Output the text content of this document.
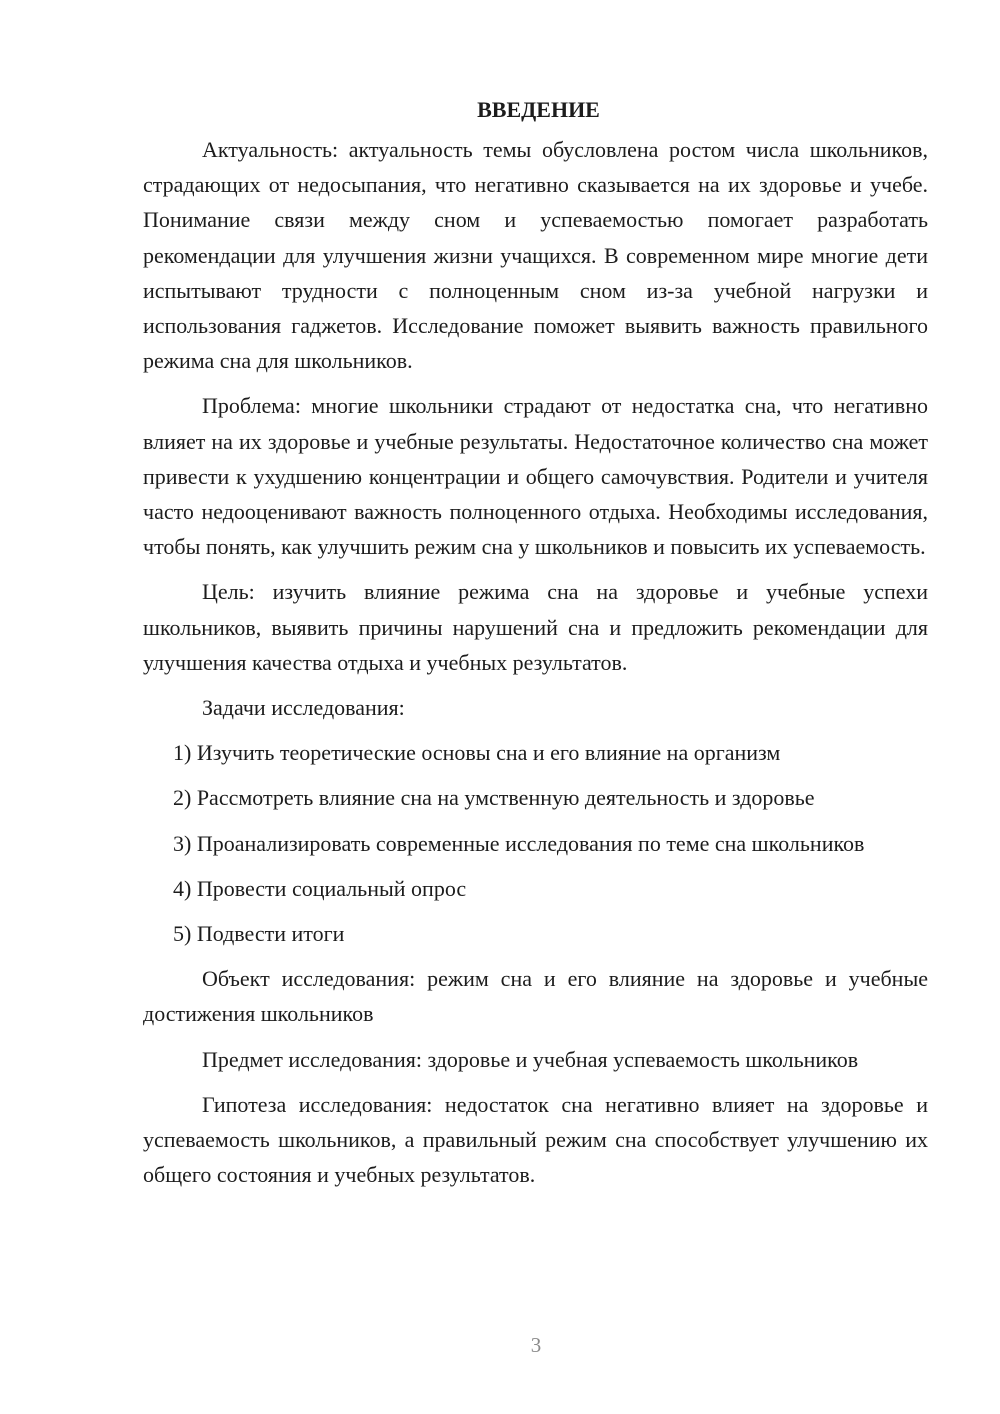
ВВЕДЕНИЕ

Актуальность: актуальность темы обусловлена ростом числа школьников, страдающих от недосыпания, что негативно сказывается на их здоровье и учебе. Понимание связи между сном и успеваемостью помогает разработать рекомендации для улучшения жизни учащихся. В современном мире многие дети испытывают трудности с полноценным сном из-за учебной нагрузки и использования гаджетов. Исследование поможет выявить важность правильного режима сна для школьников.

Проблема: многие школьники страдают от недостатка сна, что негативно влияет на их здоровье и учебные результаты. Недостаточное количество сна может привести к ухудшению концентрации и общего самочувствия. Родители и учителя часто недооценивают важность полноценного отдыха. Необходимы исследования, чтобы понять, как улучшить режим сна у школьников и повысить их успеваемость.

Цель: изучить влияние режима сна на здоровье и учебные успехи школьников, выявить причины нарушений сна и предложить рекомендации для улучшения качества отдыха и учебных результатов.

Задачи исследования:

1) Изучить теоретические основы сна и его влияние на организм

2) Рассмотреть влияние сна на умственную деятельность и здоровье

3) Проанализировать современные исследования по теме сна школьников

4) Провести социальный опрос

5) Подвести итоги

Объект исследования: режим сна и его влияние на здоровье и учебные достижения школьников

Предмет исследования: здоровье и учебная успеваемость школьников

Гипотеза исследования: недостаток сна негативно влияет на здоровье и успеваемость школьников, а правильный режим сна способствует улучшению их общего состояния и учебных результатов.

3
